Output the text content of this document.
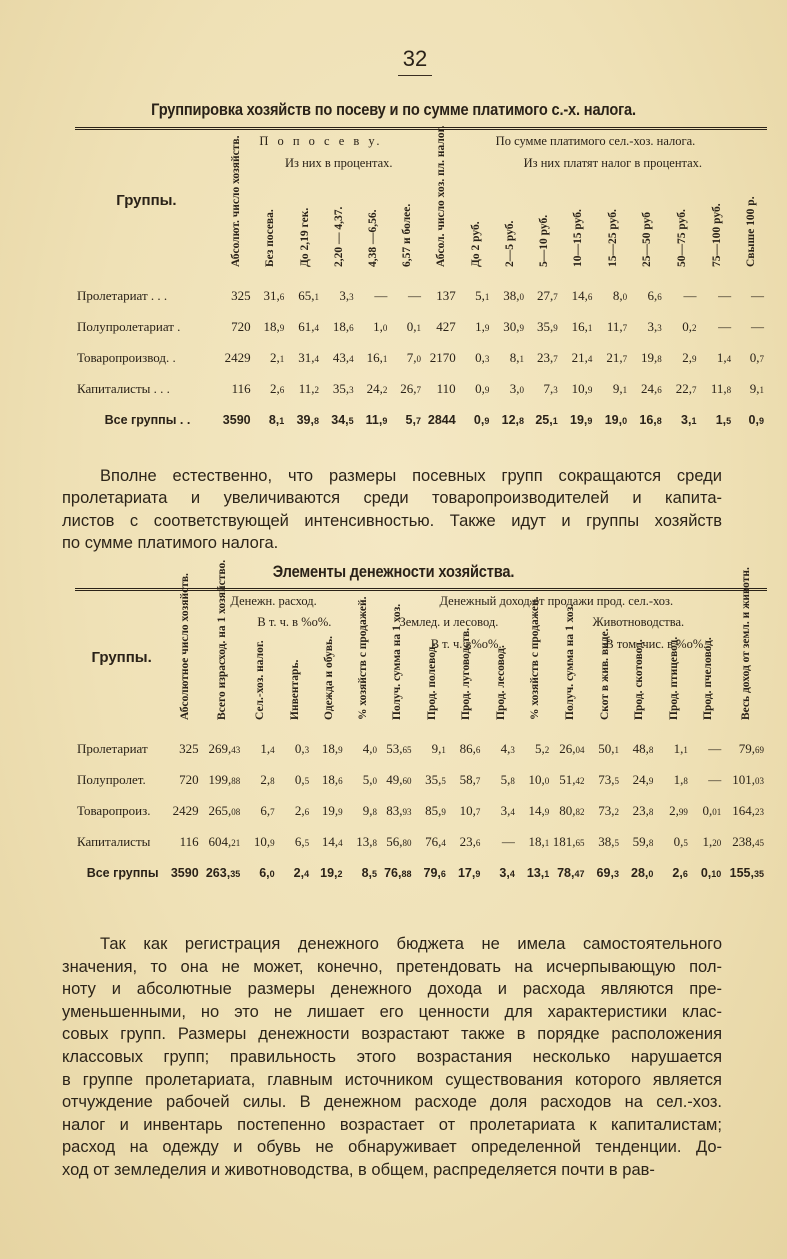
32
Группировка хозяйств по посеву и по сумме платимого с.-х. налога.
Группы.	П о п о с е в у.						По сумме платимого сел.-хоз. налога.									

	Абсолют. число хозяйств.	Из них в процентах.					Абсол. число хоз. пл. налог.	Из них платят налог в процентах.								

		Без посева.	До 2,19 гек.	2,20 — 4,37.	4,38 —6,56.	6,57 и более.		До 2 руб.	2—5 руб.	5—10 руб.	10—15 руб.	15—25 руб.	25—50 руб	50—75 руб.	75—100 руб.	Свыше 100 р.

Пролетариат . . .	325	31,6	65,1	3,3	—	—	137	5,1	38,0	27,7	14,6	8,0	6,6	—	—	—
Полупролетариат .	720	18,9	61,4	18,6	1,0	0,1	427	1,9	30,9	35,9	16,1	11,7	3,3	0,2	—	—
Товаропроизвод. .	2429	2,1	31,4	43,4	16,1	7,0	2170	0,3	8,1	23,7	21,4	21,7	19,8	2,9	1,4	0,7
Капиталисты . . .	116	2,6	11,2	35,3	24,2	26,7	110	0,9	3,0	7,3	10,9	9,1	24,6	22,7	11,8	9,1
Все группы . .	3590	8,1	39,8	34,5	11,9	5,7	2844	0,9	12,8	25,1	19,9	19,0	16,8	3,1	1,5	0,9

Вполне естественно, что размеры посевных групп сокращаются среди
пролетариата и увеличиваются среди товаропроизводителей и капита-
листов с соответствующей интенсивностью. Также идут и группы хозяйств
по сумме платимого налога.
Элементы денежности хозяйства.
Группы.	Абсолютное число хозяйств.	Денежн. расход.				Денежный доход от продажи прод. сел.-хоз.											

		Всего израсход. на 1 хозяйство.	В т. ч. в %о%.			% хозяйств с продажей.	Землед. и лесовод.				% хозяйств с продажей.	Животноводства.					Весь доход от земл. и животн.

			Сел.-хоз. налог.	Инвентарь.	Одежда и обувь.		Получ. сумма на 1 хоз.	В т. ч. в%о%.				Получ. сумма на 1 хоз.	В том. чис. в %о%.				

								Прод. полевод.	Прод. луговодств.	Прод. лесовод.			Скот в жив. виде.	Прод. скотовод.	Прод. птицевод.	Прод. пчеловод.	

Пролетариат	325	269,43	1,4	0,3	18,9	4,0	53,65	9,1	86,6	4,3	5,2	26,04	50,1	48,8	1,1	—	79,69
Полупролет.	720	199,88	2,8	0,5	18,6	5,0	49,60	35,5	58,7	5,8	10,0	51,42	73,5	24,9	1,8	—	101,03
Товаропроиз.	2429	265,08	6,7	2,6	19,9	9,8	83,93	85,9	10,7	3,4	14,9	80,82	73,2	23,8	2,99	0,01	164,23
Капиталисты	116	604,21	10,9	6,5	14,4	13,8	56,80	76,4	23,6	—	18,1	181,65	38,5	59,8	0,5	1,20	238,45
Все группы	3590	263,35	6,0	2,4	19,2	8,5	76,88	79,6	17,9	3,4	13,1	78,47	69,3	28,0	2,6	0,10	155,35

Так как регистрация денежного бюджета не имела самостоятельного
значения, то она не может, конечно, претендовать на исчерпывающую пол-
ноту и абсолютные размеры денежного дохода и расхода являются пре-
уменьшенными, но это не лишает его ценности для характеристики клас-
совых групп. Размеры денежности возрастают также в порядке расположения
классовых групп; правильность этого возрастания несколько нарушается
в группе пролетариата, главным источником существования которого является
отчуждение рабочей силы. В денежном расходе доля расходов на сел.-хоз.
налог и инвентарь постепенно возрастает от пролетариата к капиталистам;
расход на одежду и обувь не обнаруживает определенной тенденции. До-
ход от земледелия и животноводства, в общем, распределяется почти в рав-
